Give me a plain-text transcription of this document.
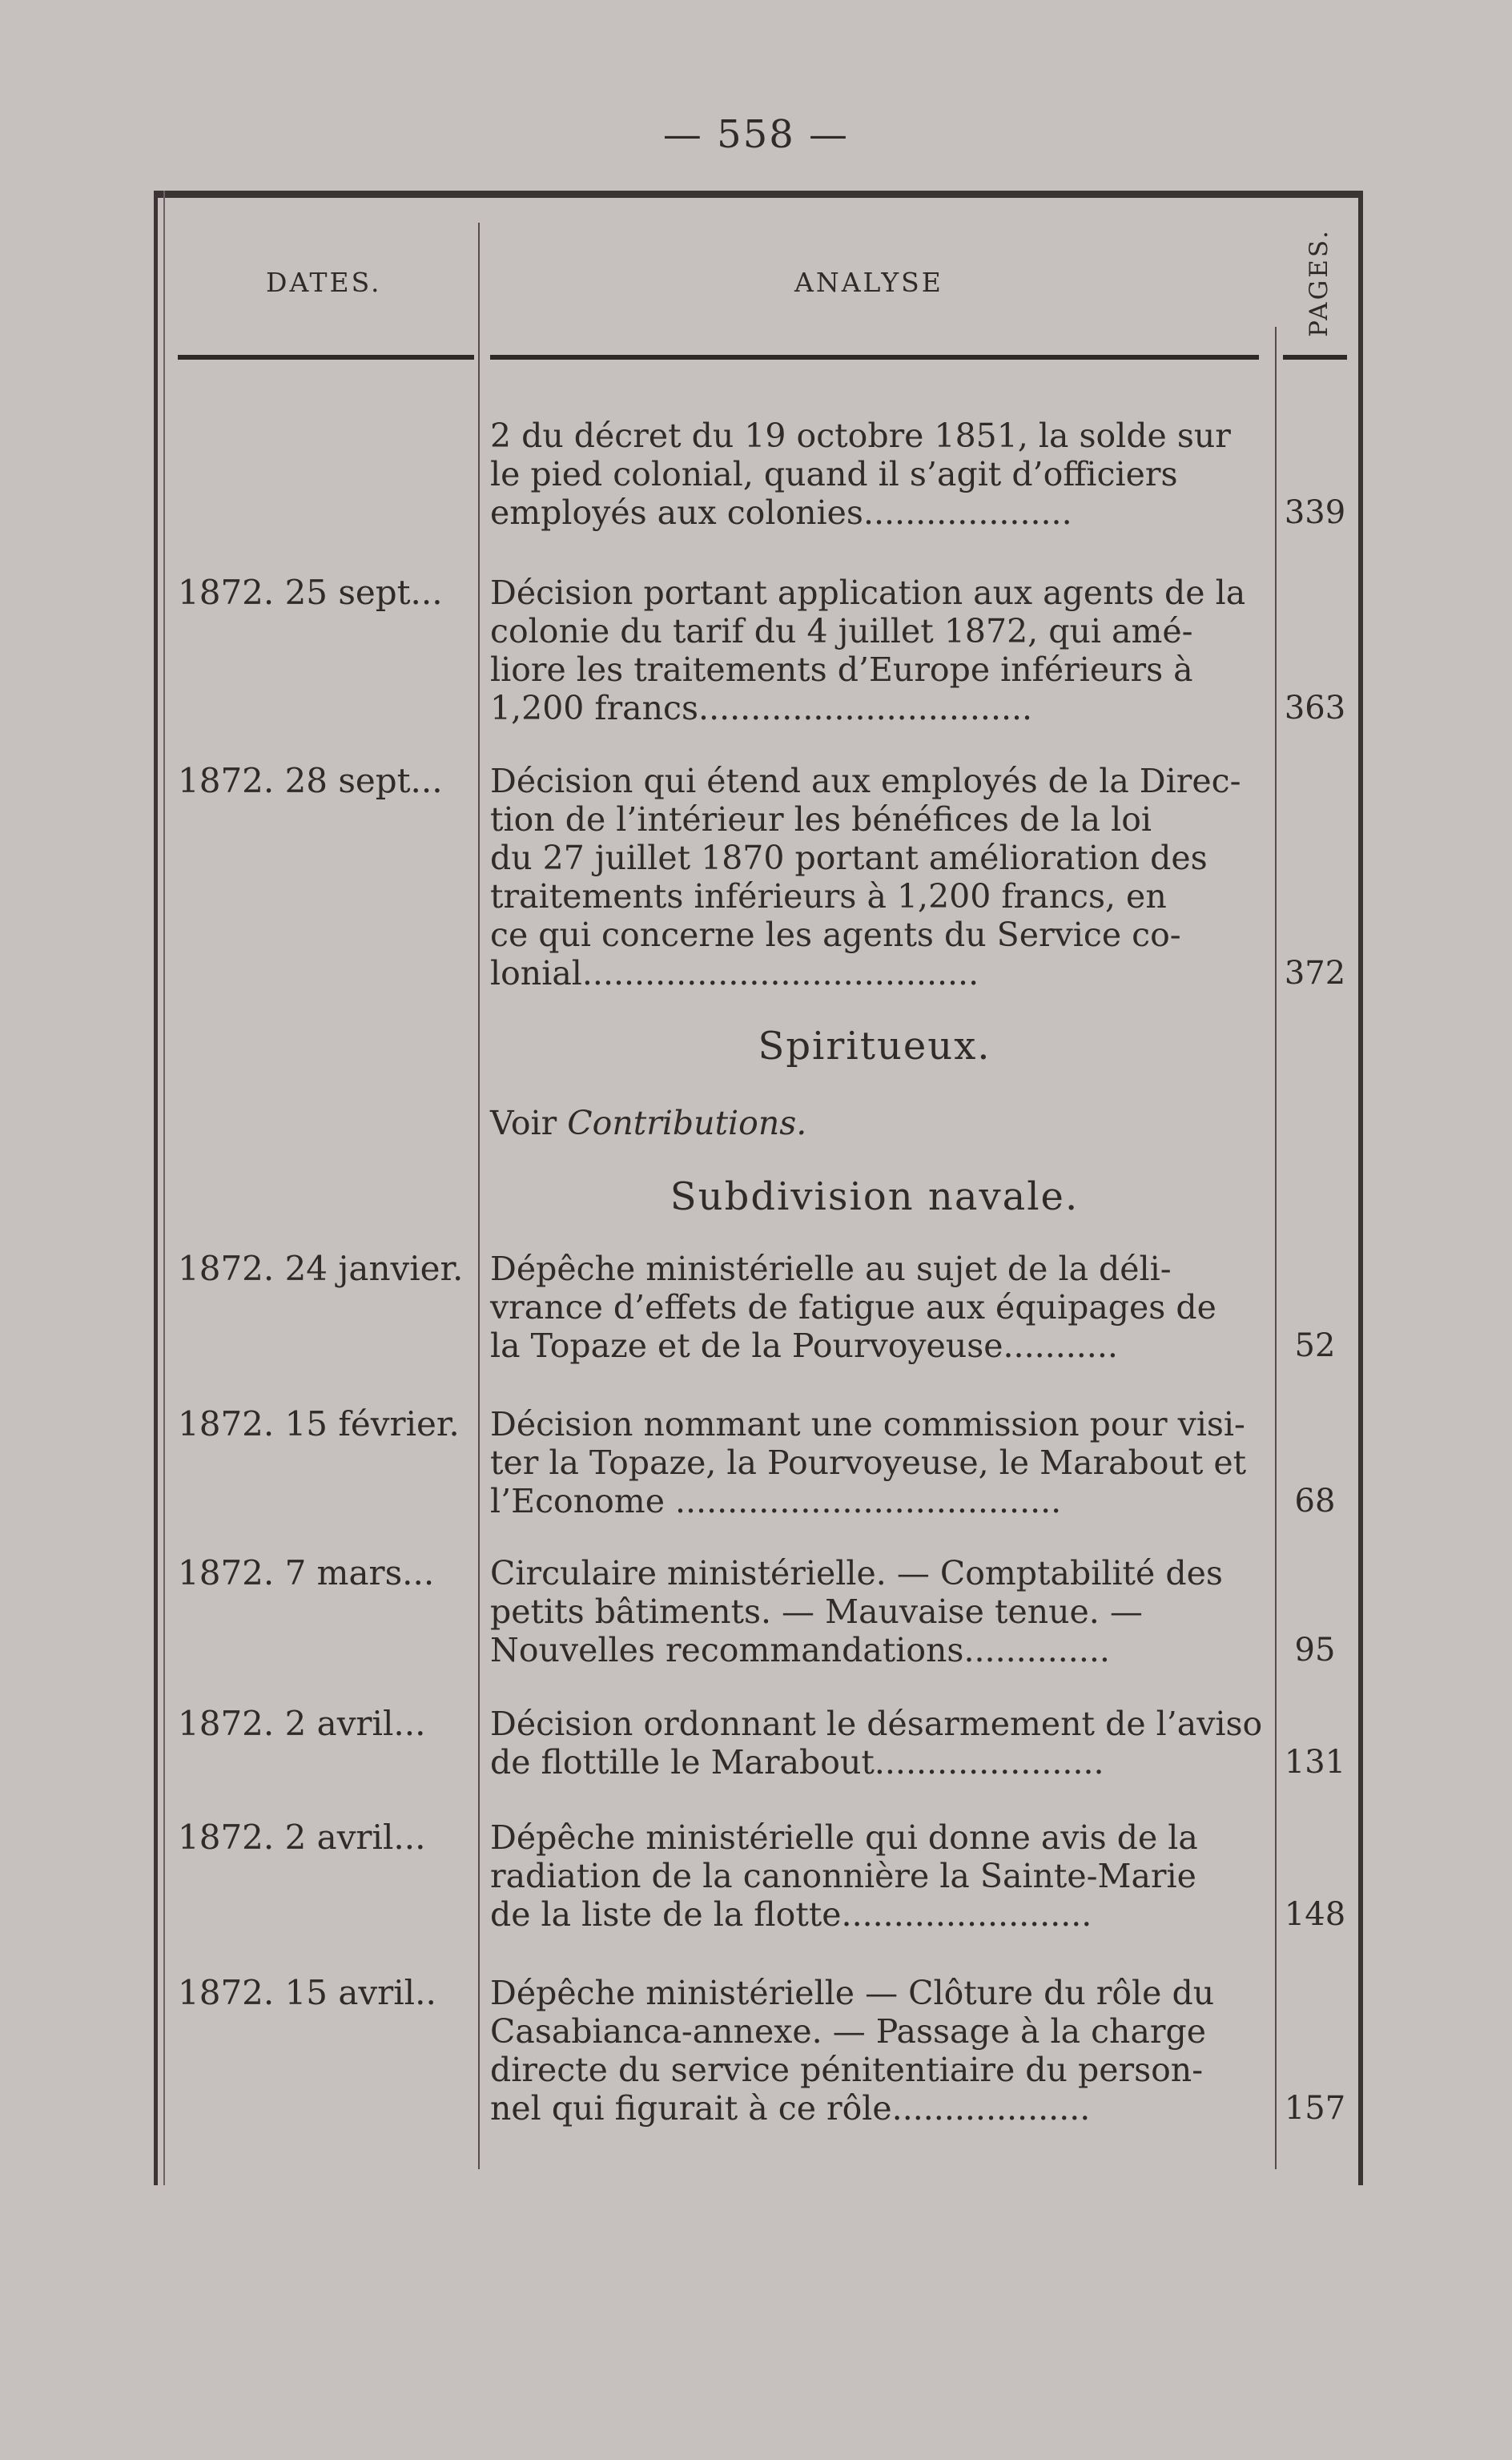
— 558 —
DATES.	ANALYSE	PAGES.
2 du décret du 19 octobre 1851, la solde sur
le pied colonial, quand il s’agit d’officiers
employés aux colonies....................	339
1872. 25 sept...	Décision portant application aux agents de la
colonie du tarif du 4 juillet 1872, qui amé-
liore les traitements d’Europe inférieurs à
1,200 francs................................	363
1872. 28 sept...	Décision qui étend aux employés de la Direc-
tion de l’intérieur les bénéfices de la loi
du 27 juillet 1870 portant amélioration des
traitements inférieurs à 1,200 francs, en
ce qui concerne les agents du Service co-
lonial......................................	372
Spiritueux.
Voir Contributions.
Subdivision navale.
1872. 24 janvier. Dépêche ministérielle au sujet de la déli-
vrance d’effets de fatigue aux équipages de
la Topaze et de la Pourvoyeuse...........	52
1872. 15 février. Décision nommant une commission pour visi-
ter la Topaze, la Pourvoyeuse, le Marabout et
l’Econome .....................................	68
1872. 7 mars...	Circulaire ministérielle. — Comptabilité des
petits bâtiments. — Mauvaise tenue. —
Nouvelles recommandations..............	95
1872. 2 avril...	Décision ordonnant le désarmement de l’aviso
de flottille le Marabout......................	131
1872. 2 avril...	Dépêche ministérielle qui donne avis de la
radiation de la canonnière la Sainte-Marie
de la liste de la flotte........................	148
1872. 15 avril..	Dépêche ministérielle — Clôture du rôle du
Casabianca-annexe. — Passage à la charge
directe du service pénitentiaire du person-
nel qui figurait à ce rôle...................	157
